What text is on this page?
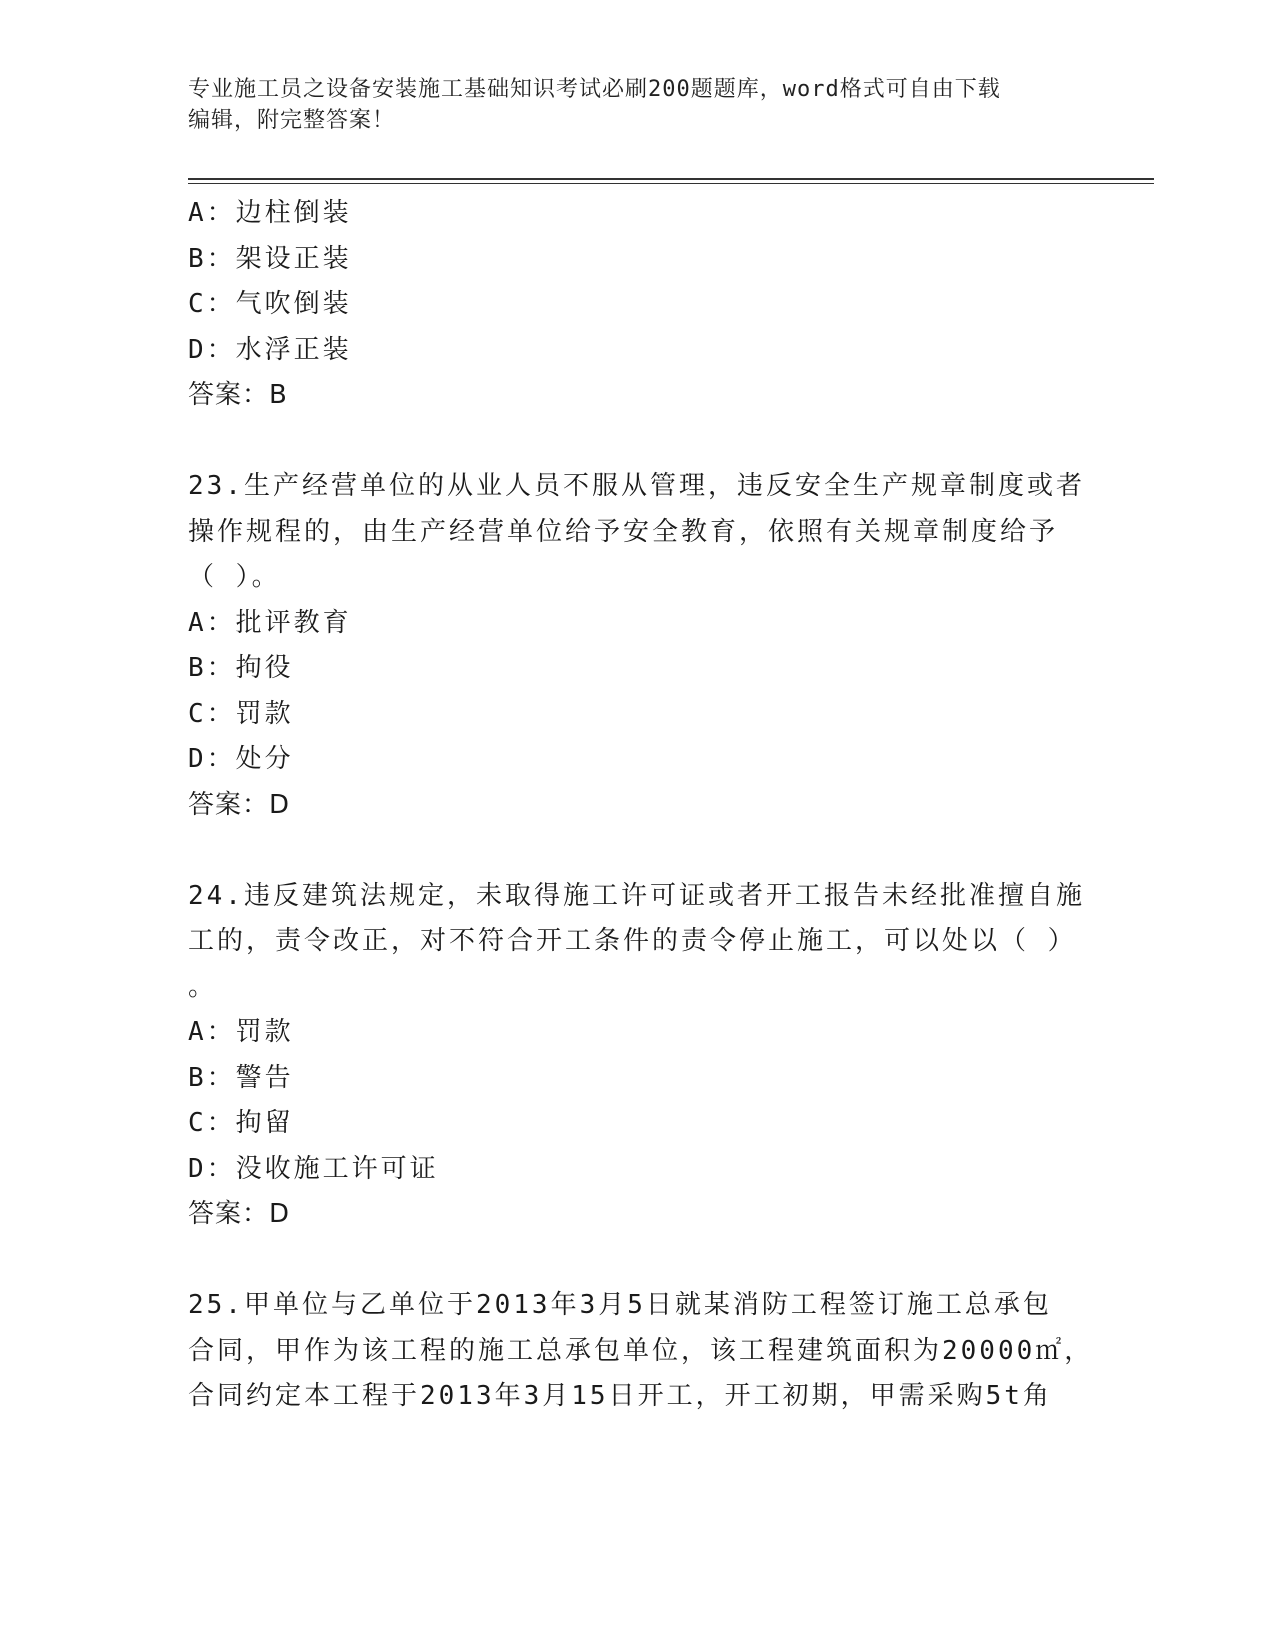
专业施工员之设备安装施工基础知识考试必刷200题题库，word格式可自由下载
编辑，附完整答案！
A：边柱倒装
B：架设正装
C：气吹倒装
D：水浮正装
答案：B
23.生产经营单位的从业人员不服从管理，违反安全生产规章制度或者
操作规程的，由生产经营单位给予安全教育，依照有关规章制度给予
（ ）。
A：批评教育
B：拘役
C：罚款
D：处分
答案：D
24.违反建筑法规定，未取得施工许可证或者开工报告未经批准擅自施
工的，责令改正，对不符合开工条件的责令停止施工，可以处以（ ）
。
A：罚款
B：警告
C：拘留
D：没收施工许可证
答案：D
25.甲单位与乙单位于2013年3月5日就某消防工程签订施工总承包
合同，甲作为该工程的施工总承包单位，该工程建筑面积为20000㎡，
合同约定本工程于2013年3月15日开工，开工初期，甲需采购5t角
